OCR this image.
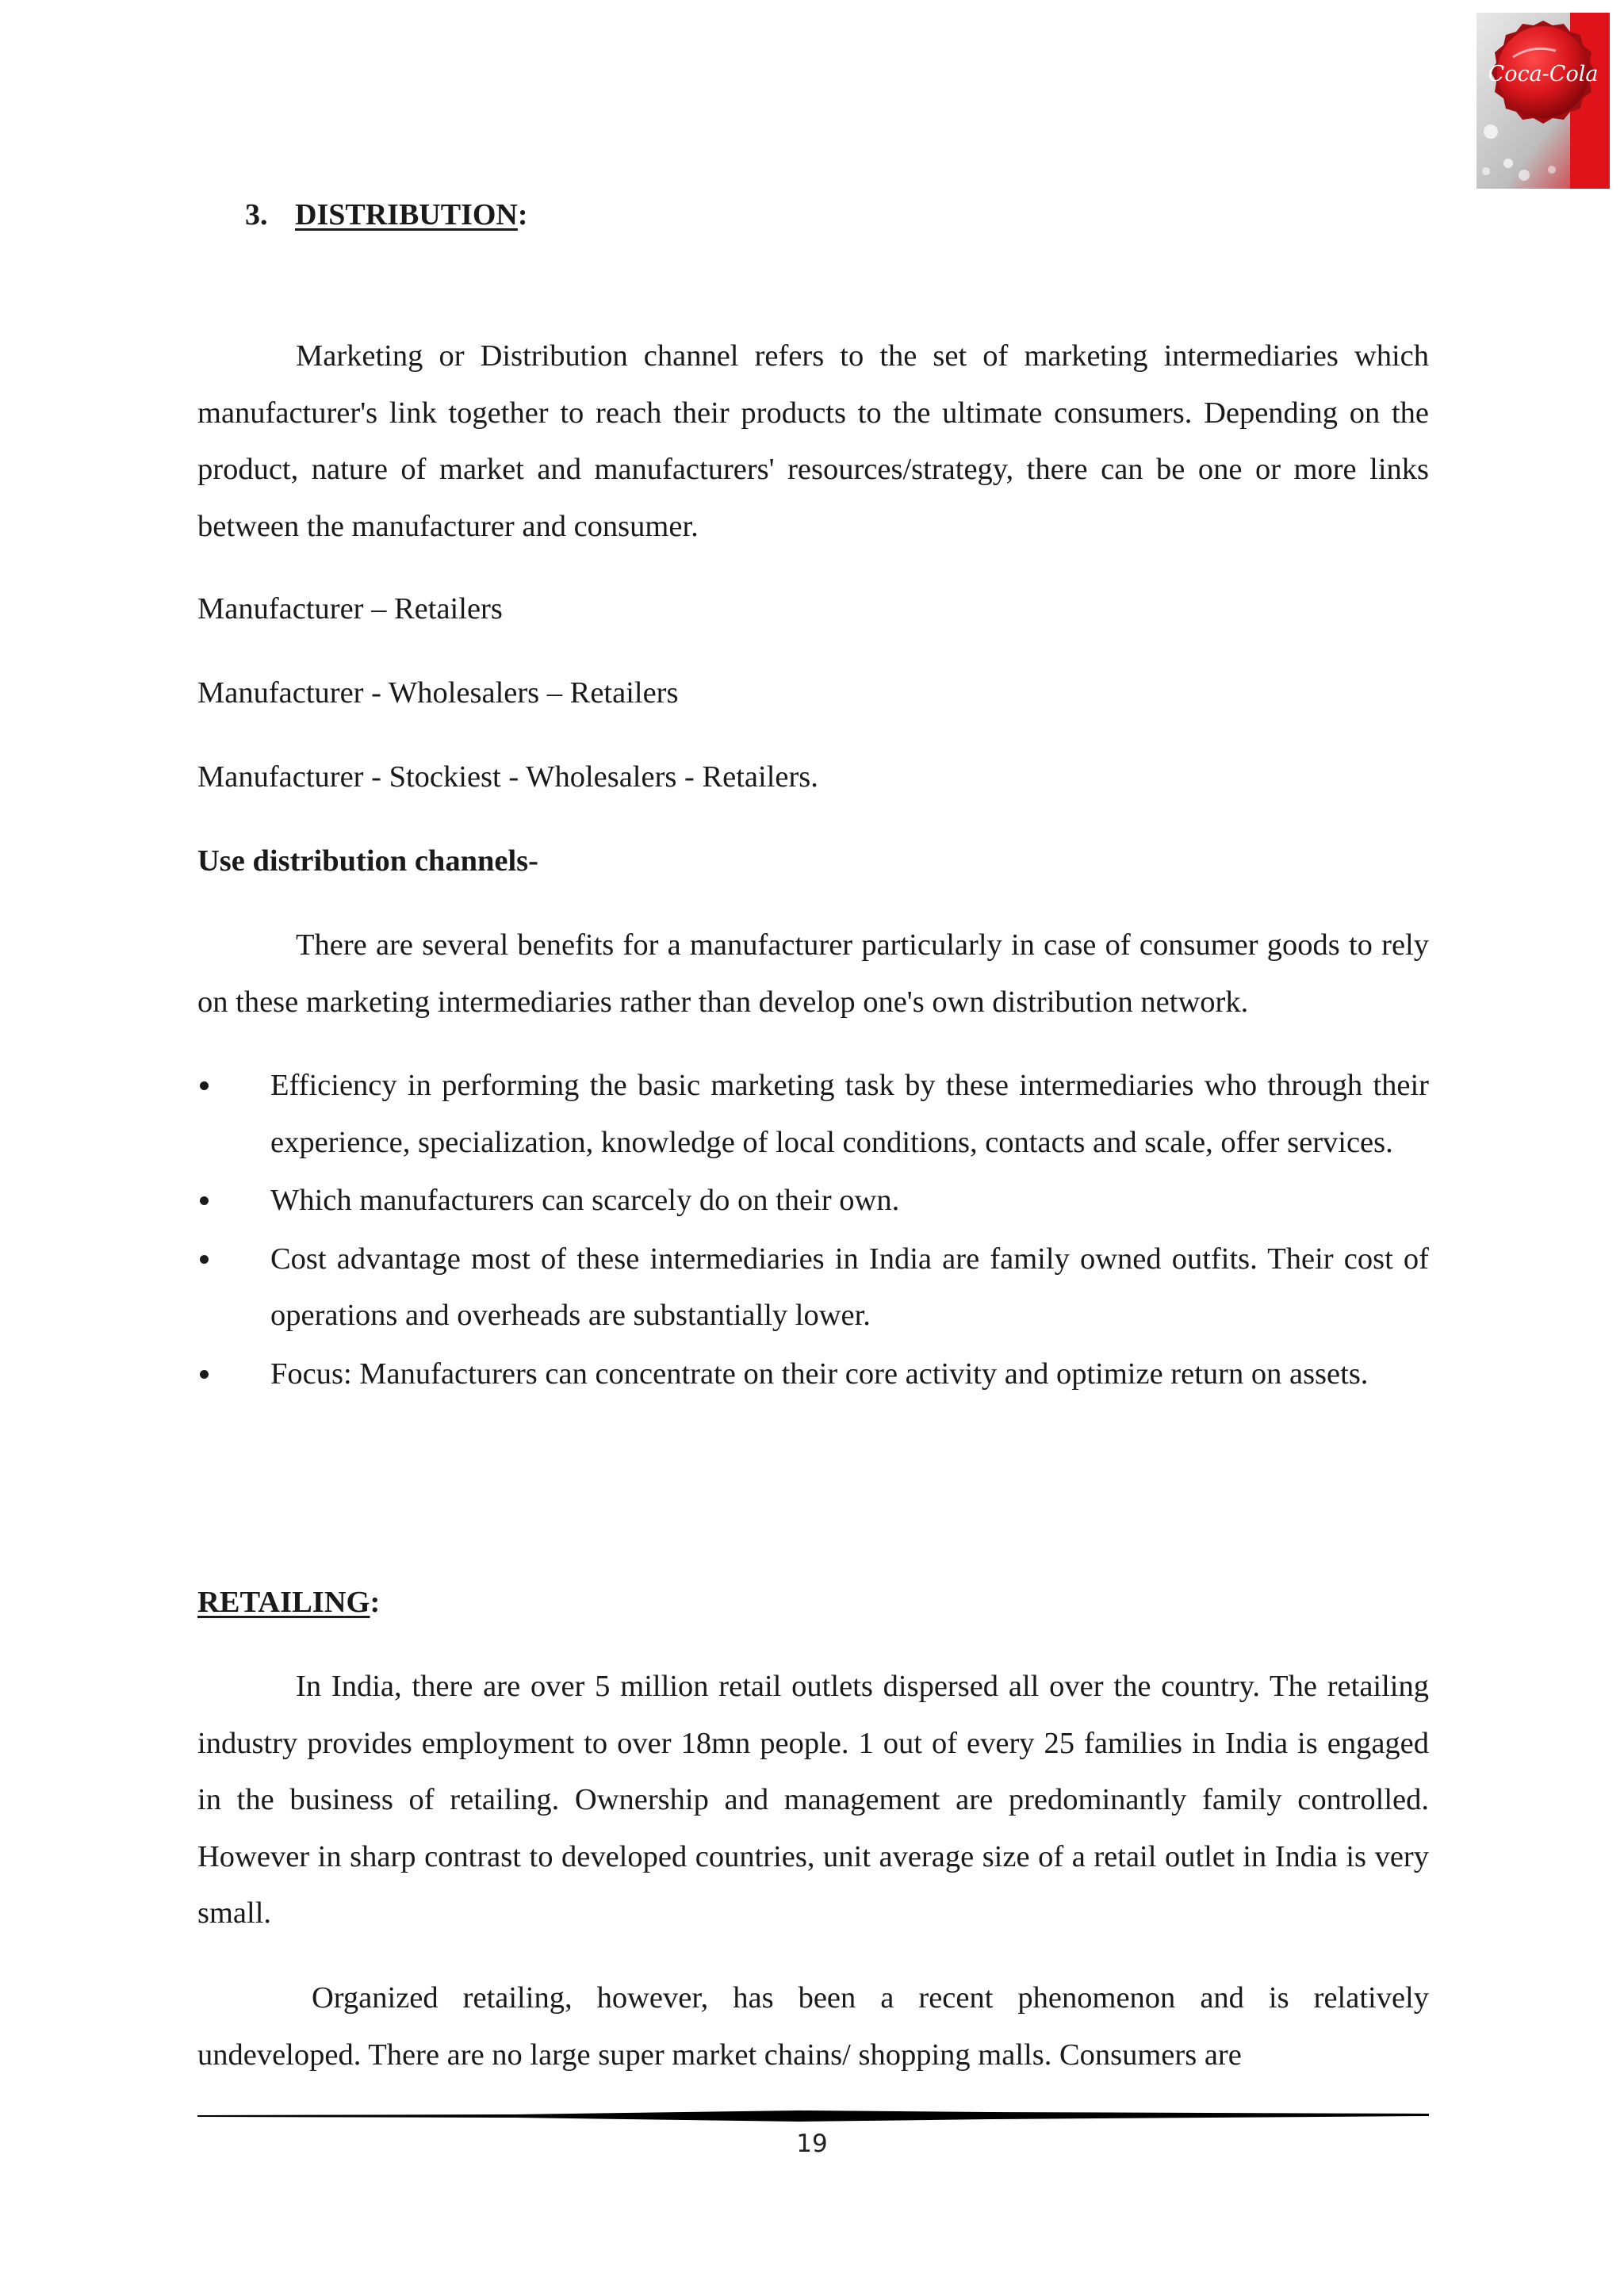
Coca-Cola
3. DISTRIBUTION:

Marketing or Distribution channel refers to the set of marketing intermediaries which manufacturer's link together to reach their products to the ultimate consumers. Depending on the product, nature of market and manufacturers' resources/strategy, there can be one or more links between the manufacturer and consumer.

Manufacturer – Retailers

Manufacturer - Wholesalers – Retailers

Manufacturer - Stockiest - Wholesalers - Retailers.

Use distribution channels-

There are several benefits for a manufacturer particularly in case of consumer goods to rely on these marketing intermediaries rather than develop one's own distribution network.

Efficiency in performing the basic marketing task by these intermediaries who through their experience, specialization, knowledge of local conditions, contacts and scale, offer services.
Which manufacturers can scarcely do on their own.
Cost advantage most of these intermediaries in India are family owned outfits. Their cost of operations and overheads are substantially lower.
Focus: Manufacturers can concentrate on their core activity and optimize return on assets.

RETAILING:

In India, there are over 5 million retail outlets dispersed all over the country. The retailing industry provides employment to over 18mn people. 1 out of every 25 families in India is engaged in the business of retailing. Ownership and management are predominantly family controlled. However in sharp contrast to developed countries, unit average size of a retail outlet in India is very small.

Organized retailing, however, has been a recent phenomenon and is relatively undeveloped. There are no large super market chains/ shopping malls. Consumers are

19
